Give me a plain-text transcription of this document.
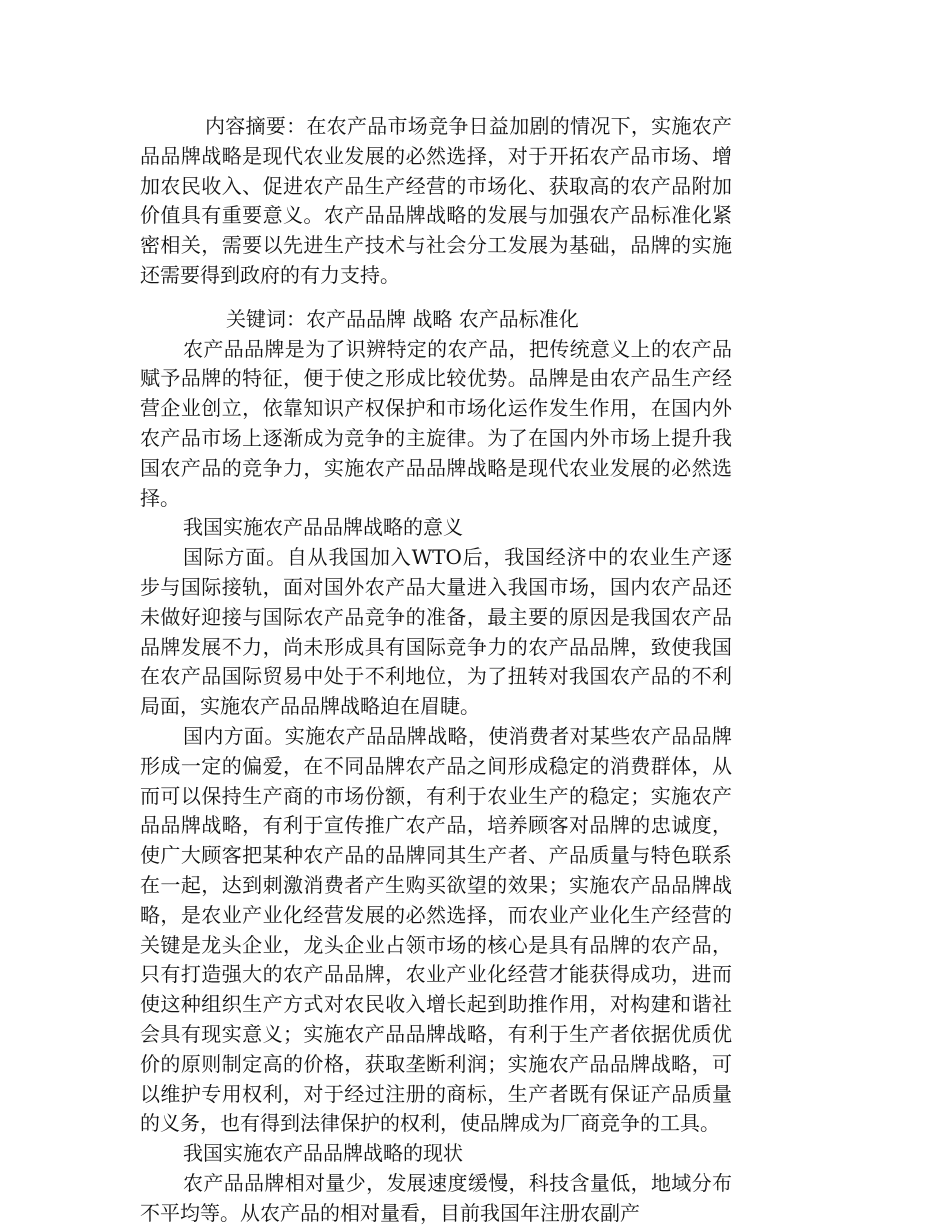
内容摘要：在农产品市场竞争日益加剧的情况下，实施农产品品牌战略是现代农业发展的必然选择，对于开拓农产品市场、增加农民收入、促进农产品生产经营的市场化、获取高的农产品附加价值具有重要意义。农产品品牌战略的发展与加强农产品标准化紧密相关，需要以先进生产技术与社会分工发展为基础，品牌的实施还需要得到政府的有力支持。

关键词：农产品品牌 战略 农产品标准化

农产品品牌是为了识辨特定的农产品，把传统意义上的农产品赋予品牌的特征，便于使之形成比较优势。品牌是由农产品生产经营企业创立，依靠知识产权保护和市场化运作发生作用，在国内外农产品市场上逐渐成为竞争的主旋律。为了在国内外市场上提升我国农产品的竞争力，实施农产品品牌战略是现代农业发展的必然选择。

我国实施农产品品牌战略的意义

国际方面。自从我国加入WTO后，我国经济中的农业生产逐步与国际接轨，面对国外农产品大量进入我国市场，国内农产品还未做好迎接与国际农产品竞争的准备，最主要的原因是我国农产品品牌发展不力，尚未形成具有国际竞争力的农产品品牌，致使我国在农产品国际贸易中处于不利地位，为了扭转对我国农产品的不利局面，实施农产品品牌战略迫在眉睫。

国内方面。实施农产品品牌战略，使消费者对某些农产品品牌形成一定的偏爱，在不同品牌农产品之间形成稳定的消费群体，从而可以保持生产商的市场份额，有利于农业生产的稳定；实施农产品品牌战略，有利于宣传推广农产品，培养顾客对品牌的忠诚度，使广大顾客把某种农产品的品牌同其生产者、产品质量与特色联系在一起，达到刺激消费者产生购买欲望的效果；实施农产品品牌战略，是农业产业化经营发展的必然选择，而农业产业化生产经营的关键是龙头企业，龙头企业占领市场的核心是具有品牌的农产品，只有打造强大的农产品品牌，农业产业化经营才能获得成功，进而使这种组织生产方式对农民收入增长起到助推作用，对构建和谐社会具有现实意义；实施农产品品牌战略，有利于生产者依据优质优价的原则制定高的价格，获取垄断利润；实施农产品品牌战略，可以维护专用权利，对于经过注册的商标，生产者既有保证产品质量的义务，也有得到法律保护的权利，使品牌成为厂商竞争的工具。

我国实施农产品品牌战略的现状

农产品品牌相对量少，发展速度缓慢，科技含量低，地域分布不平均等。从农产品的相对量看，目前我国年注册农副产
